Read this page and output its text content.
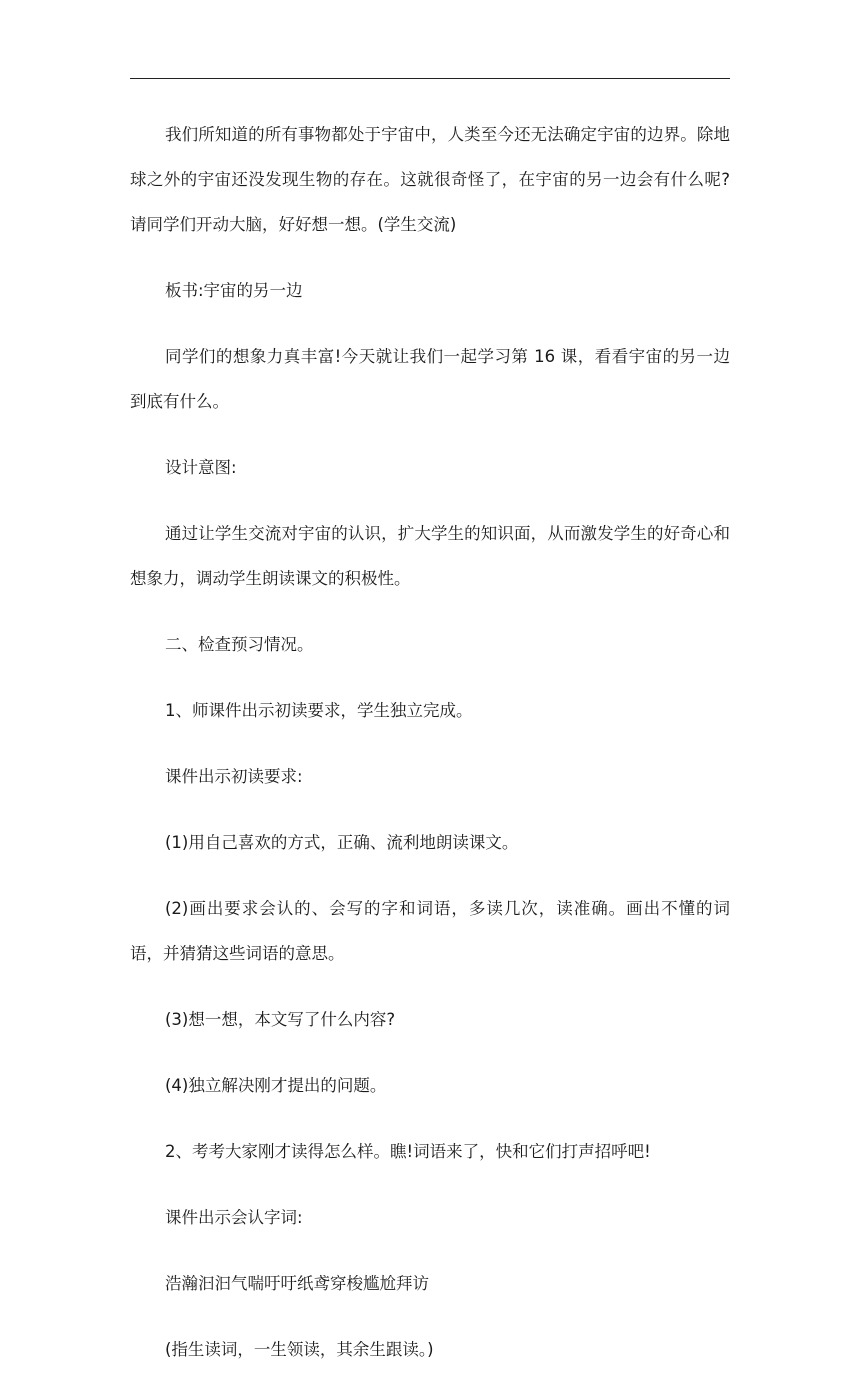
我们所知道的所有事物都处于宇宙中，人类至今还无法确定宇宙的边界。除地球之外的宇宙还没发现生物的存在。这就很奇怪了，在宇宙的另一边会有什么呢?请同学们开动大脑，好好想一想。(学生交流)

板书:宇宙的另一边

同学们的想象力真丰富!今天就让我们一起学习第 16 课，看看宇宙的另一边到底有什么。

设计意图:

通过让学生交流对宇宙的认识，扩大学生的知识面，从而激发学生的好奇心和想象力，调动学生朗读课文的积极性。

二、检查预习情况。

1、师课件出示初读要求，学生独立完成。

课件出示初读要求:

(1)用自己喜欢的方式，正确、流利地朗读课文。

(2)画出要求会认的、会写的字和词语，多读几次，读准确。画出不懂的词语，并猜猜这些词语的意思。

(3)想一想，本文写了什么内容?

(4)独立解决刚才提出的问题。

2、考考大家刚才读得怎么样。瞧!词语来了，快和它们打声招呼吧!

课件出示会认字词:

浩瀚汩汩气喘吁吁纸鸢穿梭尴尬拜访

(指生读词，一生领读，其余生跟读。)
